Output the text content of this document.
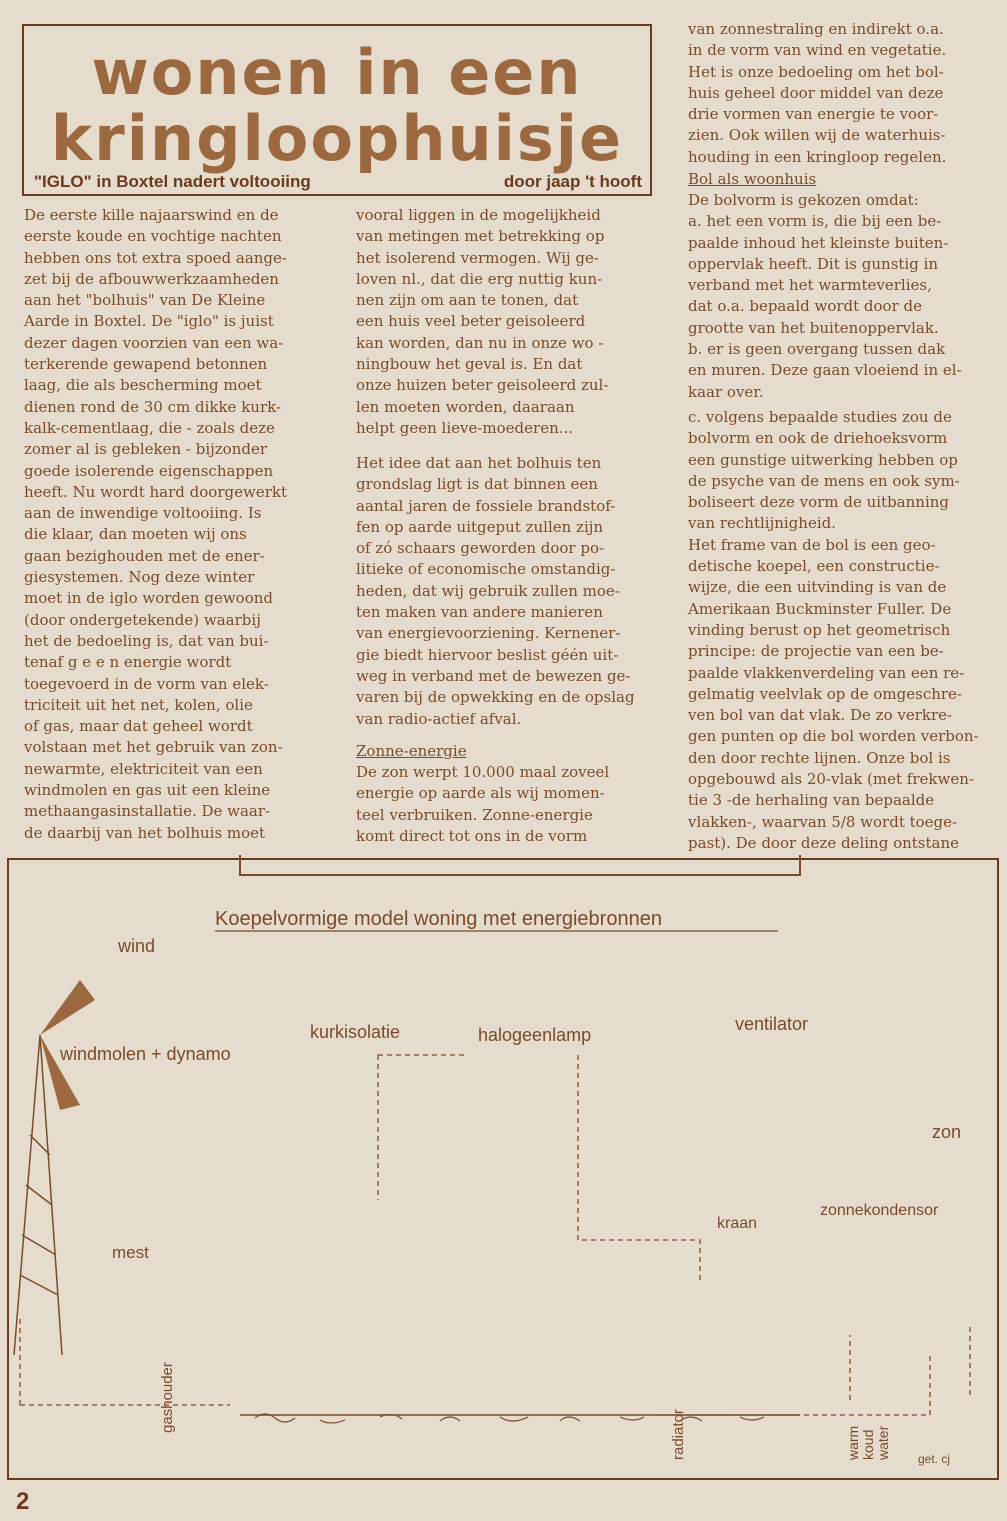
wonen in een
kringloophuisje
"IGLO" in Boxtel nadert voltooiing	door jaap 't hooft
De eerste kille najaarswind en de
eerste koude en vochtige nachten
hebben ons tot extra spoed aange-
zet bij de afbouwwerkzaamheden
aan het "bolhuis" van De Kleine
Aarde in Boxtel. De "iglo" is juist
dezer dagen voorzien van een wa-
terkerende gewapend betonnen
laag, die als bescherming moet
dienen rond de 30 cm dikke kurk-
kalk-cementlaag, die - zoals deze
zomer al is gebleken - bijzonder
goede isolerende eigenschappen
heeft. Nu wordt hard doorgewerkt
aan de inwendige voltooiing. Is
die klaar, dan moeten wij ons
gaan bezighouden met de ener-
giesystemen. Nog deze winter
moet in de iglo worden gewoond
(door ondergetekende) waarbij
het de bedoeling is, dat van bui-
tenaf g e e n energie wordt
toegevoerd in de vorm van elek-
triciteit uit het net, kolen, olie
of gas, maar dat geheel wordt
volstaan met het gebruik van zon-
newarmte, elektriciteit van een
windmolen en gas uit een kleine
methaangasinstallatie. De waar-
de daarbij van het bolhuis moet
vooral liggen in de mogelijkheid
van metingen met betrekking op
het isolerend vermogen. Wij ge-
loven nl., dat die erg nuttig kun-
nen zijn om aan te tonen, dat
een huis veel beter geisoleerd
kan worden, dan nu in onze wo -
ningbouw het geval is. En dat
onze huizen beter geisoleerd zul-
len moeten worden, daaraan
helpt geen lieve-moederen...
Het idee dat aan het bolhuis ten
grondslag ligt is dat binnen een
aantal jaren de fossiele brandstof-
fen op aarde uitgeput zullen zijn
of zó schaars geworden door po-
litieke of economische omstandig-
heden, dat wij gebruik zullen moe-
ten maken van andere manieren
van energievoorziening. Kernener-
gie biedt hiervoor beslist géén uit-
weg in verband met de bewezen ge-
varen bij de opwekking en de opslag
van radio-actief afval.
Zonne-energie
De zon werpt 10.000 maal zoveel
energie op aarde als wij momen-
teel verbruiken. Zonne-energie
komt direct tot ons in de vorm
van zonnestraling en indirekt o.a.
in de vorm van wind en vegetatie.
Het is onze bedoeling om het bol-
huis geheel door middel van deze
drie vormen van energie te voor-
zien. Ook willen wij de waterhuis-
houding in een kringloop regelen.
Bol als woonhuis
De bolvorm is gekozen omdat:
a. het een vorm is, die bij een be-
paalde inhoud het kleinste buiten-
oppervlak heeft. Dit is gunstig in
verband met het warmteverlies,
dat o.a. bepaald wordt door de
grootte van het buitenoppervlak.
b. er is geen overgang tussen dak
en muren. Deze gaan vloeiend in el-
kaar over.
c. volgens bepaalde studies zou de
bolvorm en ook de driehoeksvorm
een gunstige uitwerking hebben op
de psyche van de mens en ook sym-
boliseert deze vorm de uitbanning
van rechtlijnigheid.
Het frame van de bol is een geo-
detische koepel, een constructie-
wijze, die een uitvinding is van de
Amerikaan Buckminster Fuller. De
vinding berust op het geometrisch
principe: de projectie van een be-
paalde vlakkenverdeling van een re-
gelmatig veelvlak op de omgeschre-
ven bol van dat vlak. De zo verkre-
gen punten op die bol worden verbon-
den door rechte lijnen. Onze bol is
opgebouwd als 20-vlak (met frekwen-
tie 3 -de herhaling van bepaalde
vlakken-, waarvan 5/8 wordt toege-
past). De door deze deling ontstane
Koepelvormige model woning met energiebronnen
wind
windmolen + dynamo
kurkisolatie	halogeenlamp
ventilator
zon
kraan
zonnekondensor
mest
gashouder
radiator	warm koud water get. cj
2
